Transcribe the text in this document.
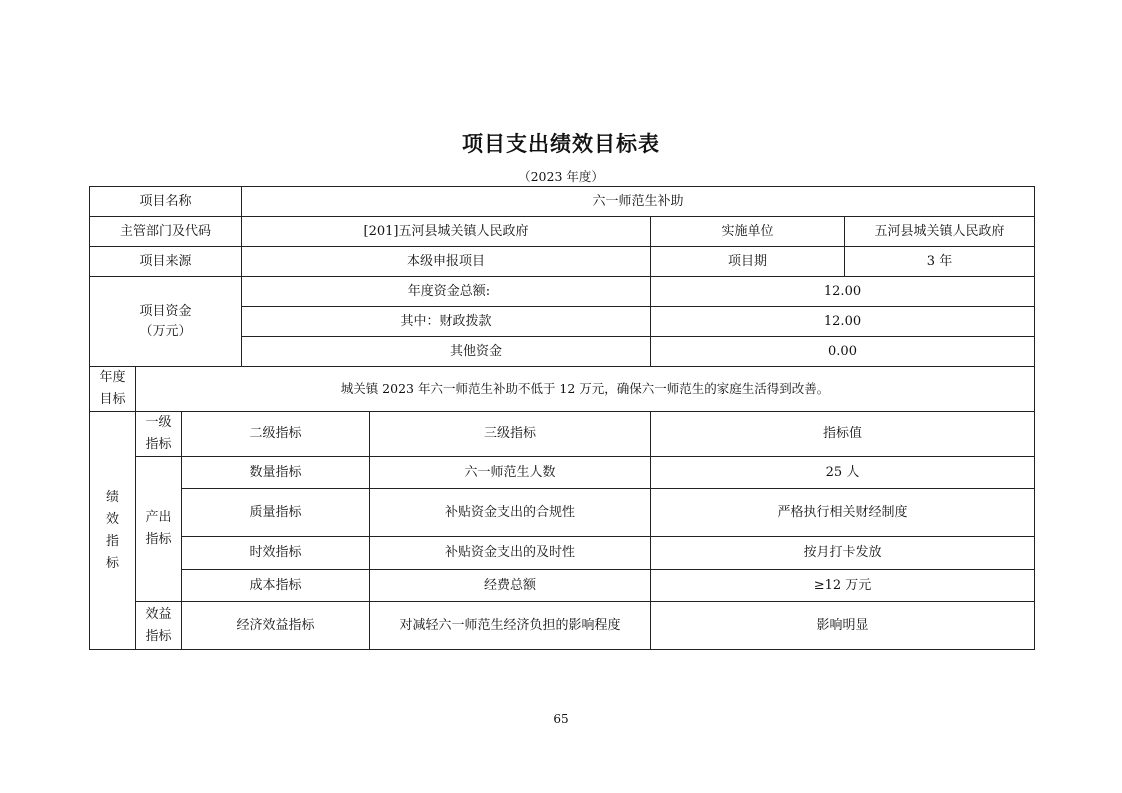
项目支出绩效目标表
（2023 年度）
项目名称			六一师范生补助			
主管部门及代码			[201]五河县城关镇人民政府		实施单位	五河县城关镇人民政府
项目来源			本级申报项目		项目期	3 年

项目资金
（万元）			年度资金总额:		12.00	
			其中：财政拨款		12.00	
			其他资金		0.00	
年度目标	城关镇 2023 年六一师范生补助不低于 12 万元，确保六一师范生的家庭生活得到改善。					
绩效指标	一级指标	二级指标		三级指标	指标值	
	产出指标	数量指标		六一师范生人数	25 人	
		质量指标		补贴资金支出的合规性	严格执行相关财经制度	
		时效指标		补贴资金支出的及时性	按月打卡发放	
		成本指标		经费总额	≥12 万元	
	效益指标	经济效益指标		对减轻六一师范生经济负担的影响程度	影响明显	
65
